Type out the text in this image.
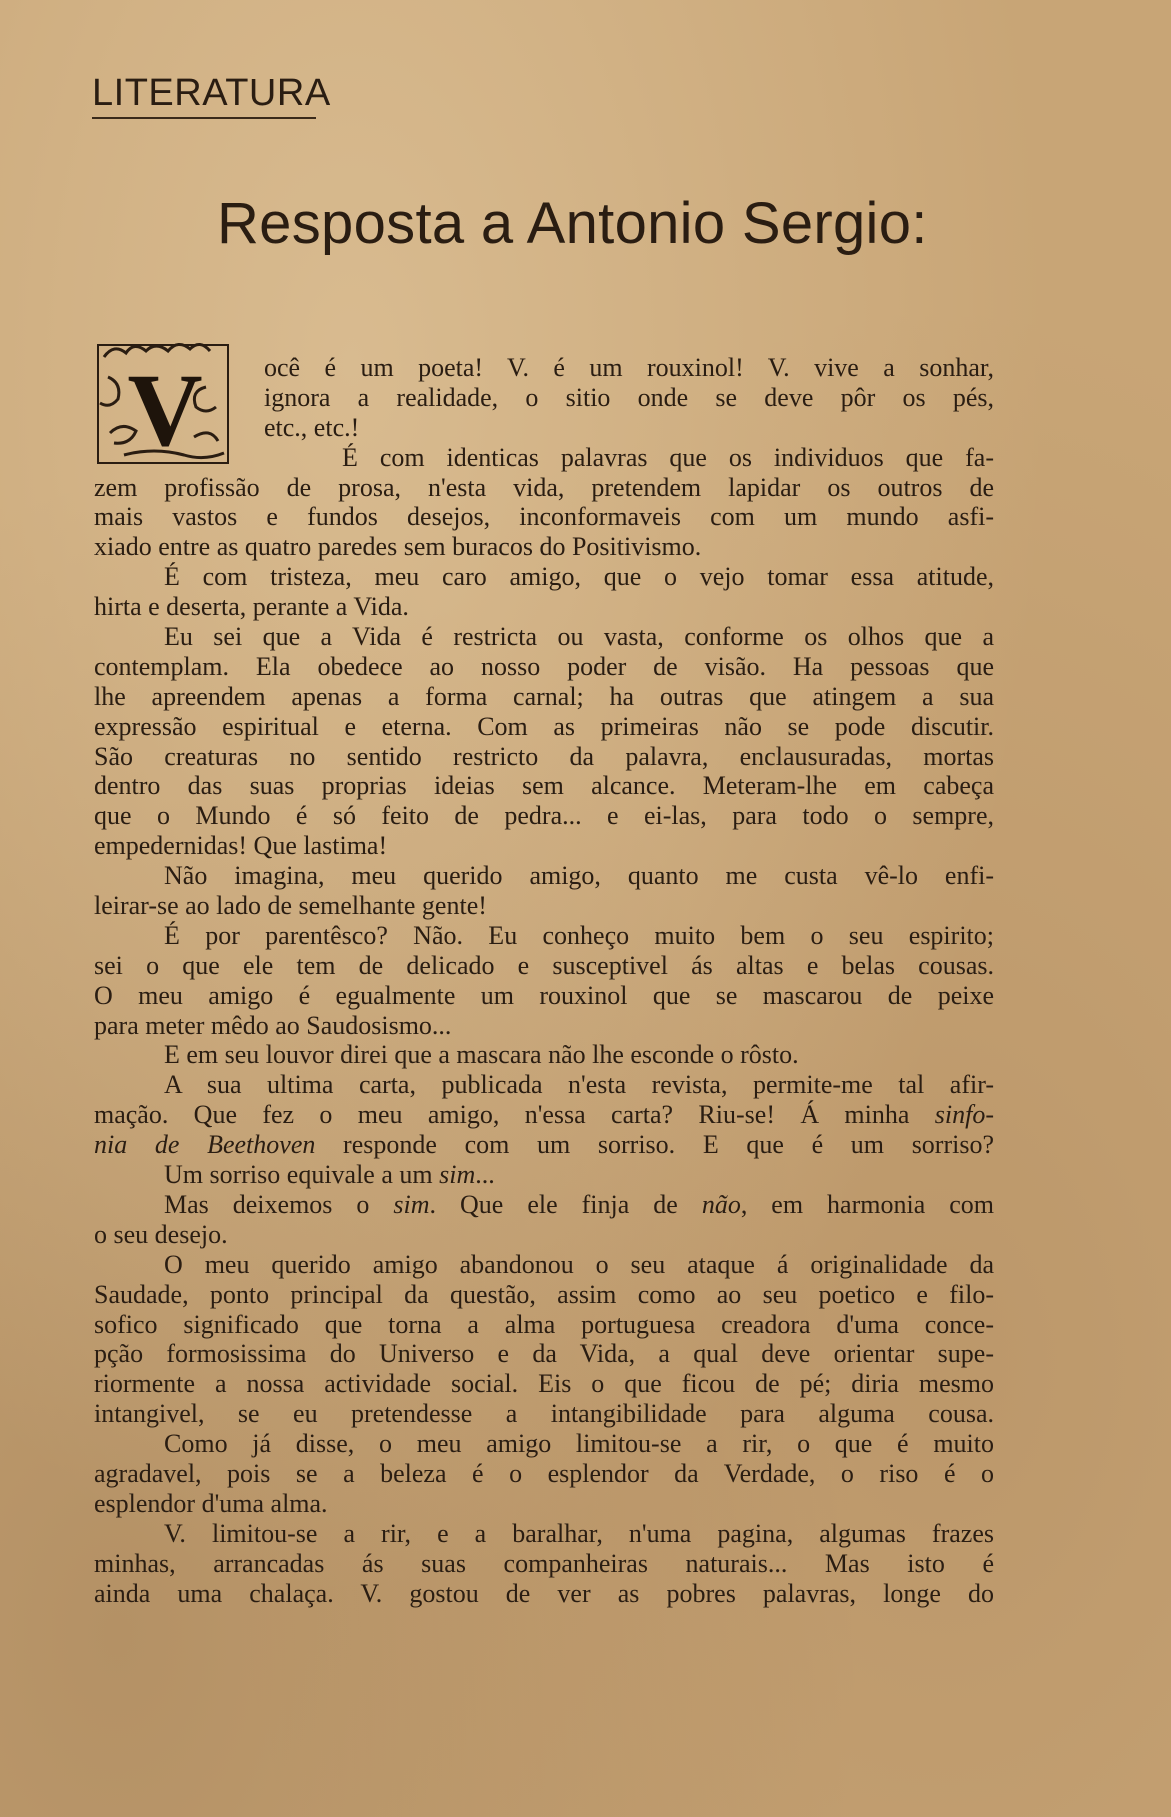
LITERATURA
Resposta a Antonio Sergio:
V	ocê é um poeta! V. é um rouxinol! V. vive a sonhar,
ignora a realidade, o sitio onde se deve pôr os pés,
etc., etc.!
É com identicas palavras que os individuos que fa-
zem profissão de prosa, n'esta vida, pretendem lapidar os outros de
mais vastos e fundos desejos, inconformaveis com um mundo asfi-
xiado entre as quatro paredes sem buracos do Positivismo.
É com tristeza, meu caro amigo, que o vejo tomar essa atitude,
hirta e deserta, perante a Vida.
Eu sei que a Vida é restricta ou vasta, conforme os olhos que a
contemplam. Ela obedece ao nosso poder de visão. Ha pessoas que
lhe apreendem apenas a forma carnal; ha outras que atingem a sua
expressão espiritual e eterna. Com as primeiras não se pode discutir.
São creaturas no sentido restricto da palavra, enclausuradas, mortas
dentro das suas proprias ideias sem alcance. Meteram-lhe em cabeça
que o Mundo é só feito de pedra... e ei-las, para todo o sempre,
empedernidas! Que lastima!
Não imagina, meu querido amigo, quanto me custa vê-lo enfi-
leirar-se ao lado de semelhante gente!
É por parentêsco? Não. Eu conheço muito bem o seu espirito;
sei o que ele tem de delicado e susceptivel ás altas e belas cousas.
O meu amigo é egualmente um rouxinol que se mascarou de peixe
para meter mêdo ao Saudosismo...
E em seu louvor direi que a mascara não lhe esconde o rôsto.
A sua ultima carta, publicada n'esta revista, permite-me tal afir-
mação. Que fez o meu amigo, n'essa carta? Riu-se! Á minha sinfo-
nia de Beethoven responde com um sorriso. E que é um sorriso?
Um sorriso equivale a um sim...
Mas deixemos o sim. Que ele finja de não, em harmonia com
o seu desejo.
O meu querido amigo abandonou o seu ataque á originalidade da
Saudade, ponto principal da questão, assim como ao seu poetico e filo-
sofico significado que torna a alma portuguesa creadora d'uma conce-
pção formosissima do Universo e da Vida, a qual deve orientar supe-
riormente a nossa actividade social. Eis o que ficou de pé; diria mesmo
intangivel, se eu pretendesse a intangibilidade para alguma cousa.
Como já disse, o meu amigo limitou-se a rir, o que é muito
agradavel, pois se a beleza é o esplendor da Verdade, o riso é o
esplendor d'uma alma.
V. limitou-se a rir, e a baralhar, n'uma pagina, algumas frazes
minhas, arrancadas ás suas companheiras naturais... Mas isto é
ainda uma chalaça. V. gostou de ver as pobres palavras, longe do
